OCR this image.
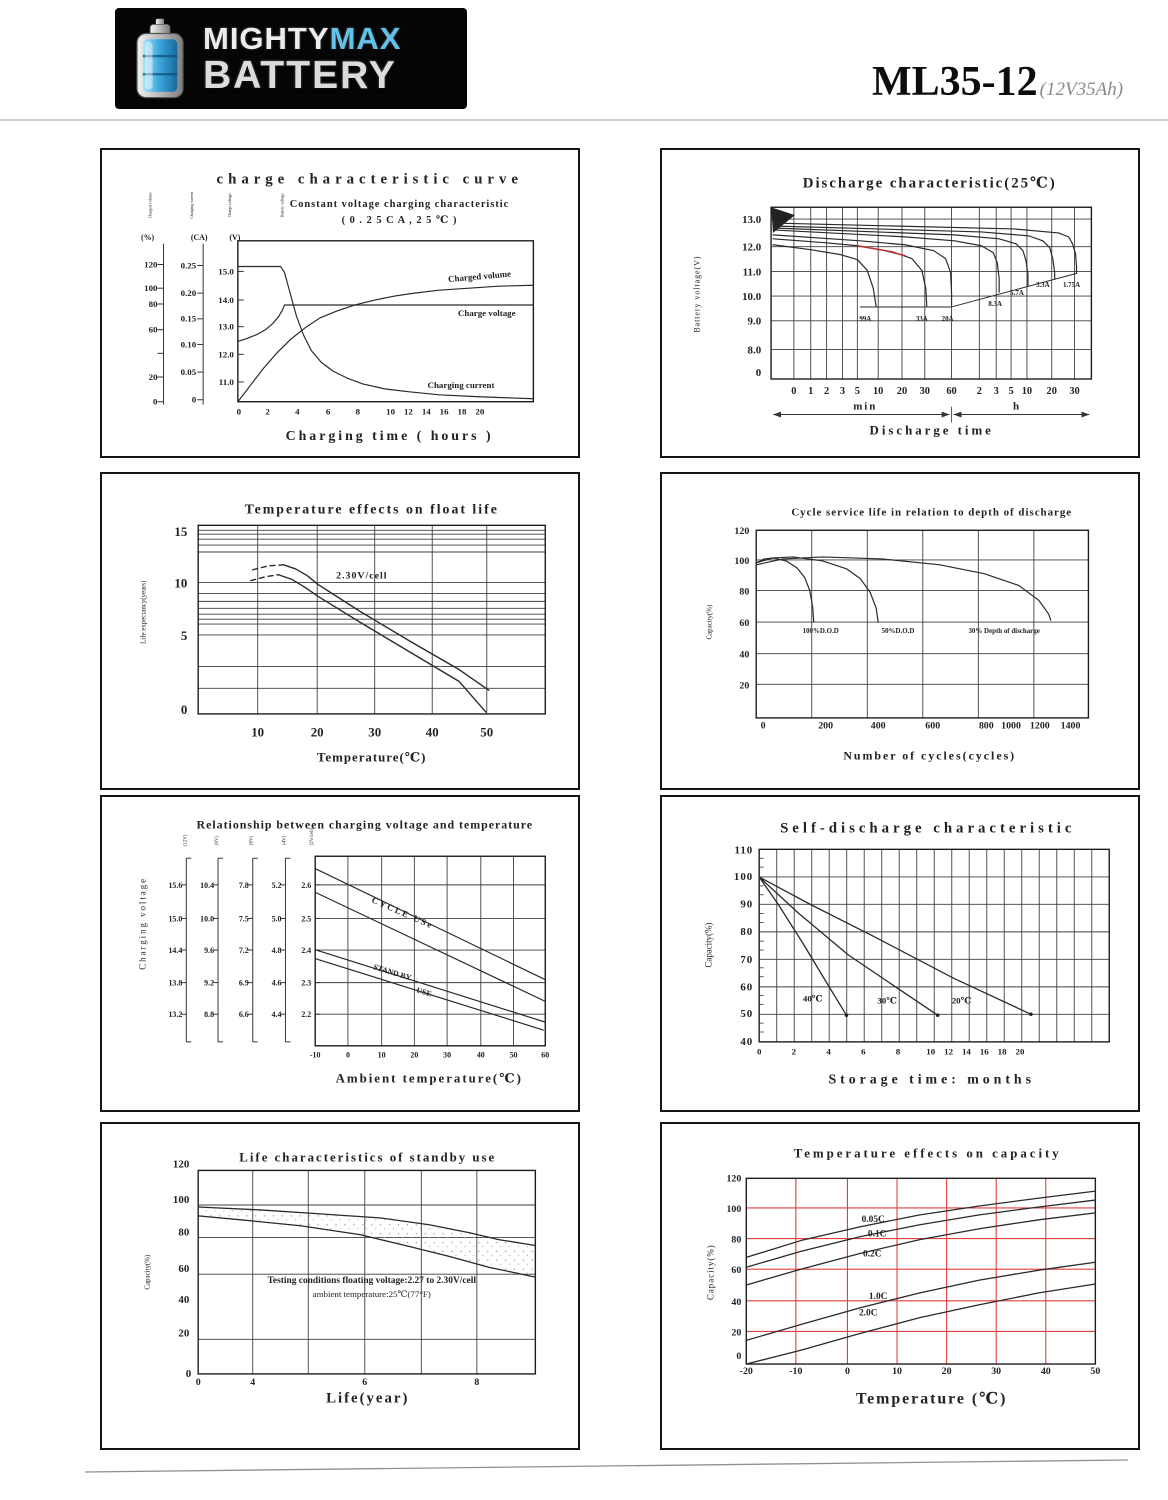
MIGHTYMAX
BATTERY	ML35-12 (12V35Ah)
charge characteristic curve
Constant voltage charging characteristic
( 0 . 2 5 C A , 2 5 ℃ )
(%)	(CA)	(V)
Charged volume	Charging current	Charge voltage	Battery voltage
120
100
80
60
20
0
0.25
0.20
0.15
0.10
0.05
0
15.0
14.0
13.0
12.0
11.0
0	2	4	6	8	10 12 14 16 18 20
Charging time ( hours )
Charged volume
Charge voltage
Charging current
Discharge characteristic(25℃)
Battery voltage(V)
13.0
12.0
11.0
10.0
9.0
8.0
0
0 1 2 3 5 10 20 30 60 2 3 5 10 20 30
min	h
Discharge time
99A	33A 20A
8.3A
5.7A
3.3A 1.75A
Temperature effects on float life
Life expectancy(years)
15
10
5
0
10	20	30	40	50
2.30V/cell
Temperature(℃)
Cycle service life in relation to depth of discharge
Capacity(%)
120
100
80
60
40
20
0	200	400	600	800 1000 1200 1400
100%D.O.D	50%D.O.D	30% Depth of discharge
Number of cycles(cycles)
Relationship between charging voltage and temperature
Charging voltage
(12V)	(8V)	(6V)	(4V)	(2V/cell)
15.6
15.0
14.4
13.8
13.2
10.4
10.0
9.6
9.2
8.8
7.8
7.5
7.2
6.9
6.6
5.2
5.0
4.8
4.6
4.4
2.6
2.5
2.4
2.3
2.2
-10	0	10	20	30	40	50	60
CYCLE USe
STAND BY
USE
Ambient temperature(℃)
Self-discharge characteristic
Capacity(%)
110
100
90
80
70
60
50
40
0	2	4	6	8	10 12 14 16 18 20
40℃	30℃	20℃
Storage time: months
Life characteristics of standby use
Capacity(%)
120
100
80
60
40
20
0
0	4	6	8
Testing conditions floating voltage:2.27 to 2.30V/cell
ambient temperature:25℃(77°F)
Life(year)
Temperature effects on capacity
Capacity(%)
120
100
80
60
40
20
0
-20	-10	0	10	20	30	40	50
0.05C
0.1C
0.2C
1.0C
2.0C
Temperature (℃)
